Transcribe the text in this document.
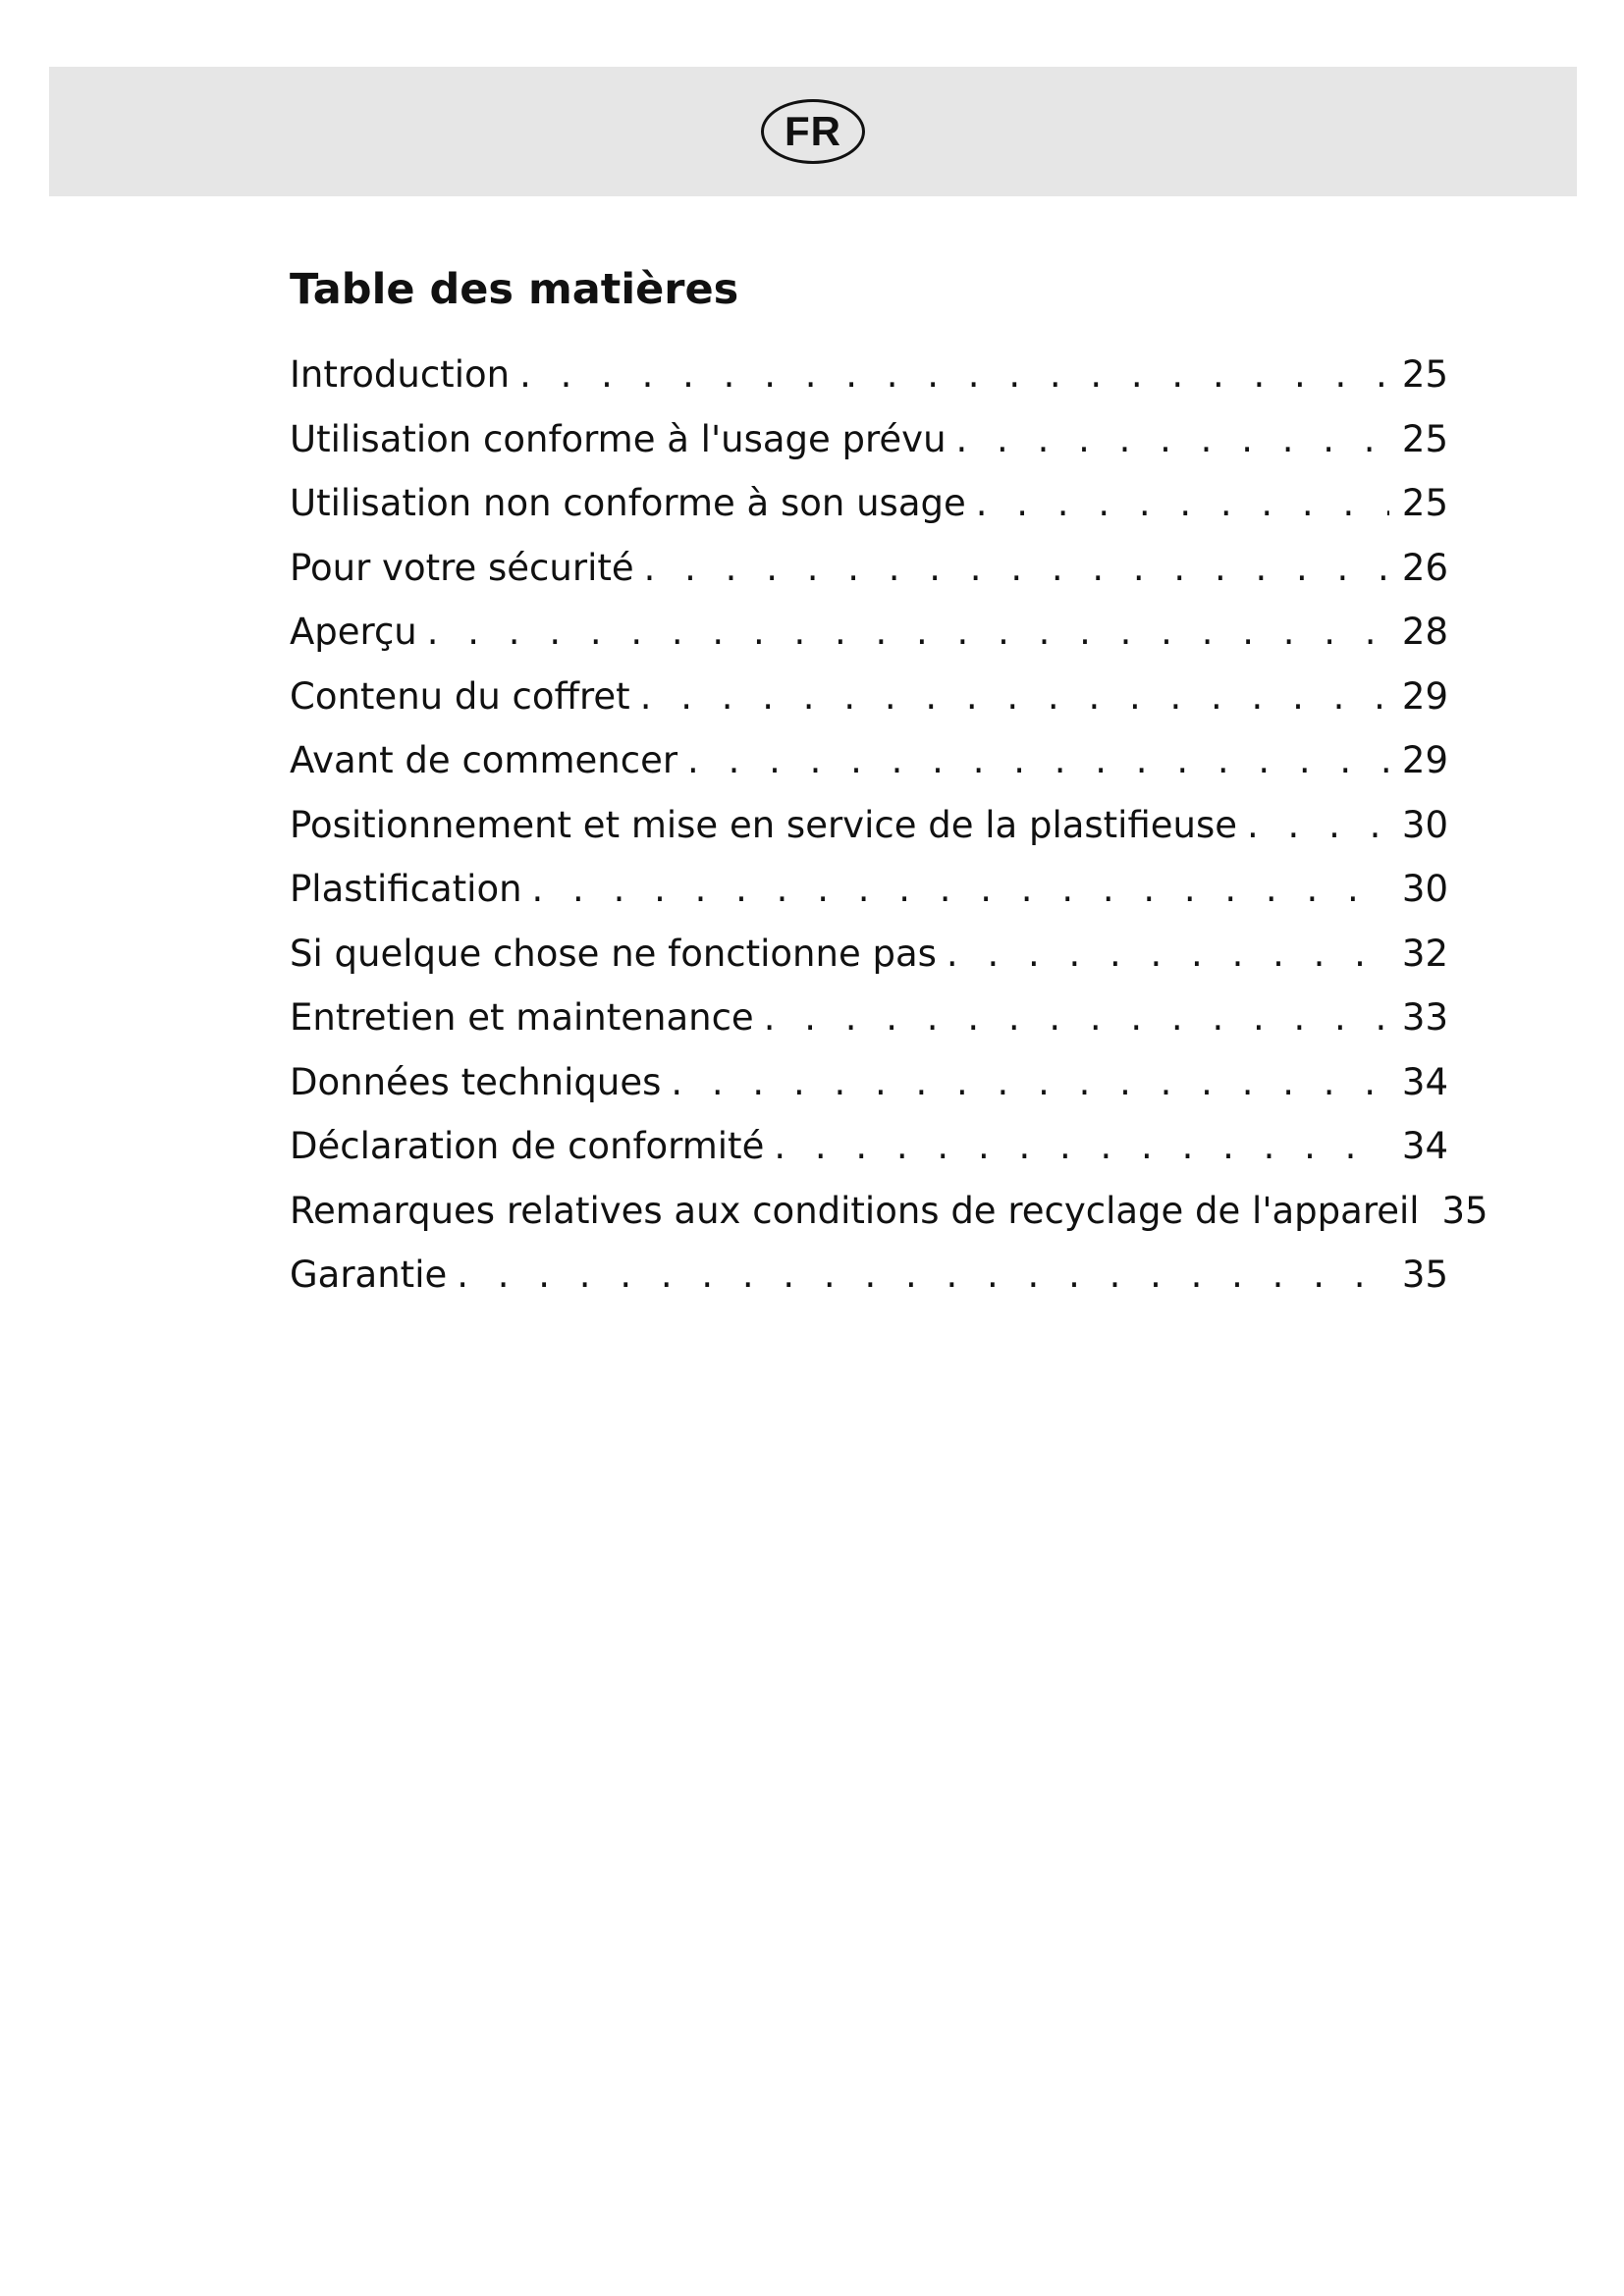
FR
Table des matières
Introduction . . .	25
Utilisation conforme à l'usage prévu . . .	25
Utilisation non conforme à son usage . . .	25
Pour votre sécurité . . .	26
Aperçu . . .	28
Contenu du coffret . . .	29
Avant de commencer . . .	29
Positionnement et mise en service de la plastifieuse . . .	30
Plastification . . .	30
Si quelque chose ne fonctionne pas . . .	32
Entretien et maintenance . . .	33
Données techniques . . .	34
Déclaration de conformité . . .	34
Remarques relatives aux conditions de recyclage de l'appareil 35
Garantie . . .	35
